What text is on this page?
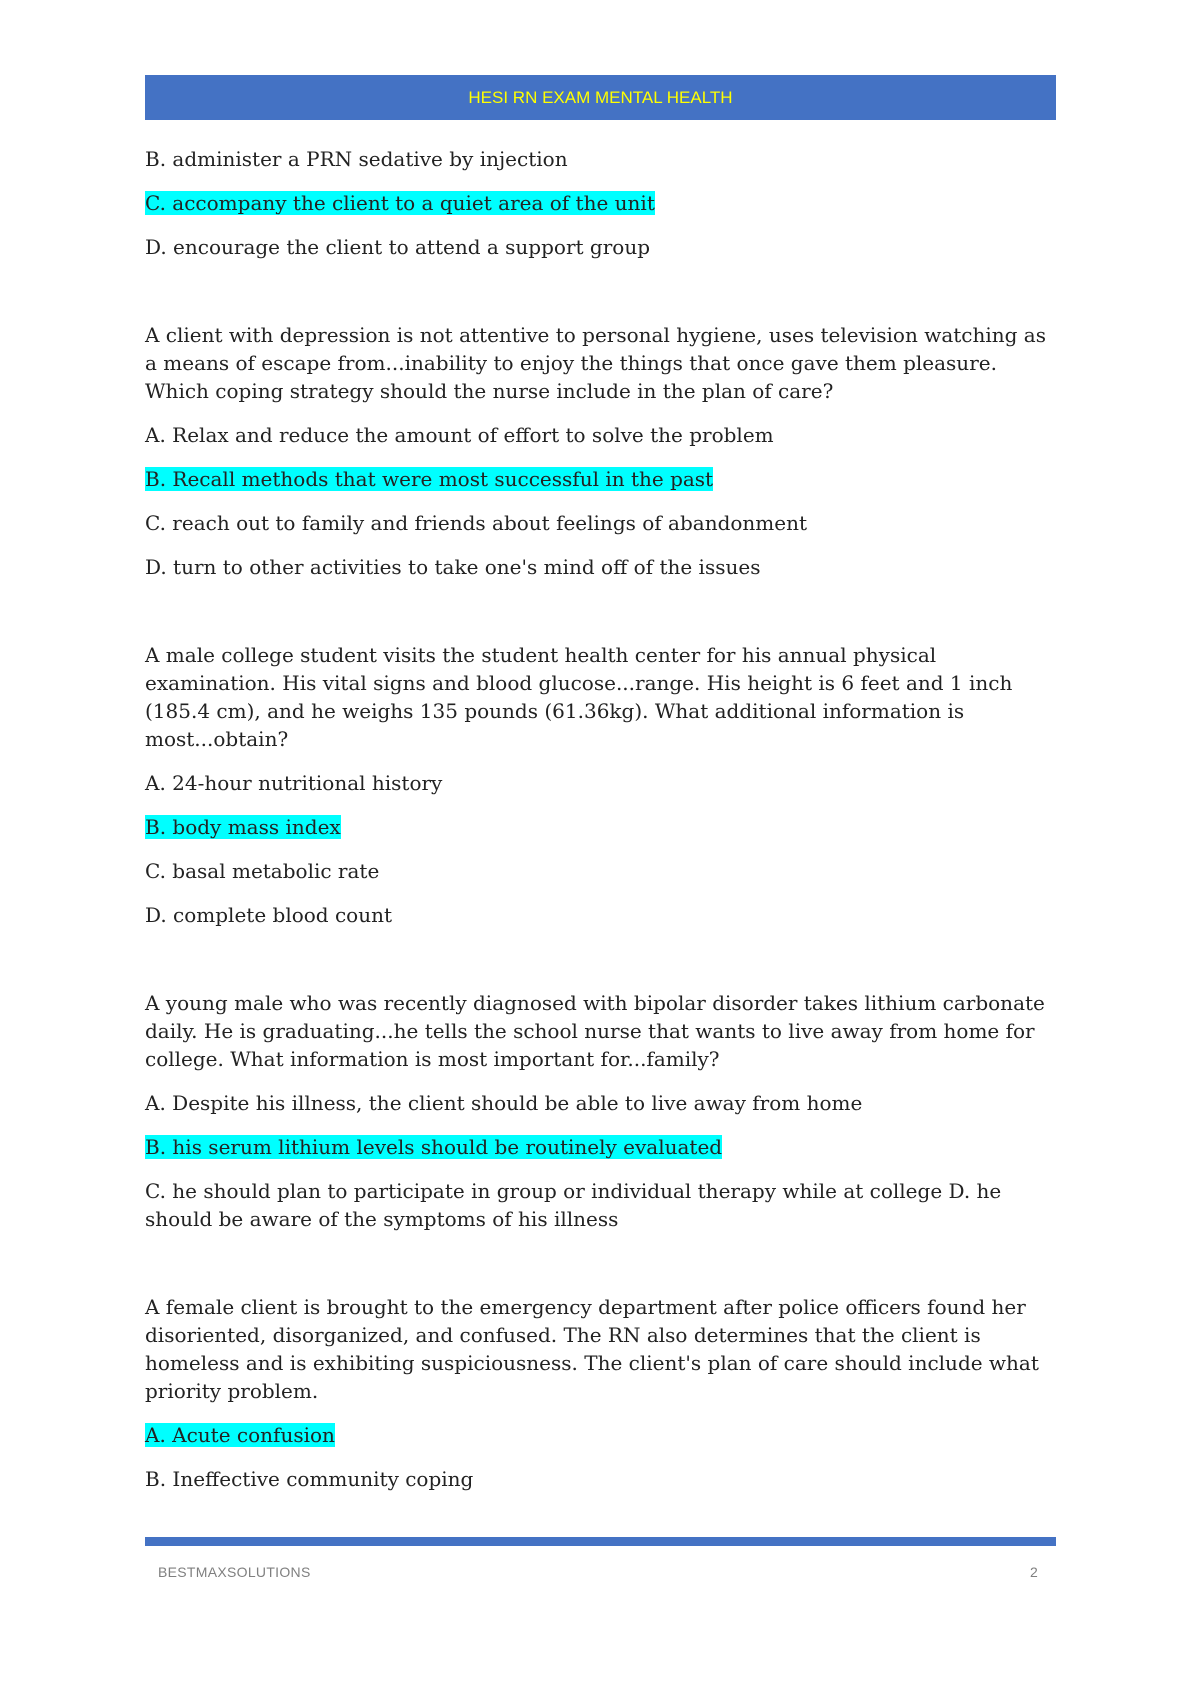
HESI RN EXAM MENTAL HEALTH

B. administer a PRN sedative by injection

C. accompany the client to a quiet area of the unit

D. encourage the client to attend a support group

A client with depression is not attentive to personal hygiene, uses television watching as a means of escape from...inability to enjoy the things that once gave them pleasure. Which coping strategy should the nurse include in the plan of care?

A. Relax and reduce the amount of effort to solve the problem

B. Recall methods that were most successful in the past

C. reach out to family and friends about feelings of abandonment

D. turn to other activities to take one's mind off of the issues

A male college student visits the student health center for his annual physical examination. His vital signs and blood glucose...range. His height is 6 feet and 1 inch (185.4 cm), and he weighs 135 pounds (61.36kg). What additional information is most...obtain?

A. 24-hour nutritional history

B. body mass index

C. basal metabolic rate

D. complete blood count

A young male who was recently diagnosed with bipolar disorder takes lithium carbonate daily. He is graduating...he tells the school nurse that wants to live away from home for college. What information is most important for...family?

A. Despite his illness, the client should be able to live away from home

B. his serum lithium levels should be routinely evaluated

C. he should plan to participate in group or individual therapy while at college D. he should be aware of the symptoms of his illness

A female client is brought to the emergency department after police officers found her disoriented, disorganized, and confused. The RN also determines that the client is homeless and is exhibiting suspiciousness. The client's plan of care should include what priority problem.

A. Acute confusion

B. Ineffective community coping

BESTMAXSOLUTIONS	2
